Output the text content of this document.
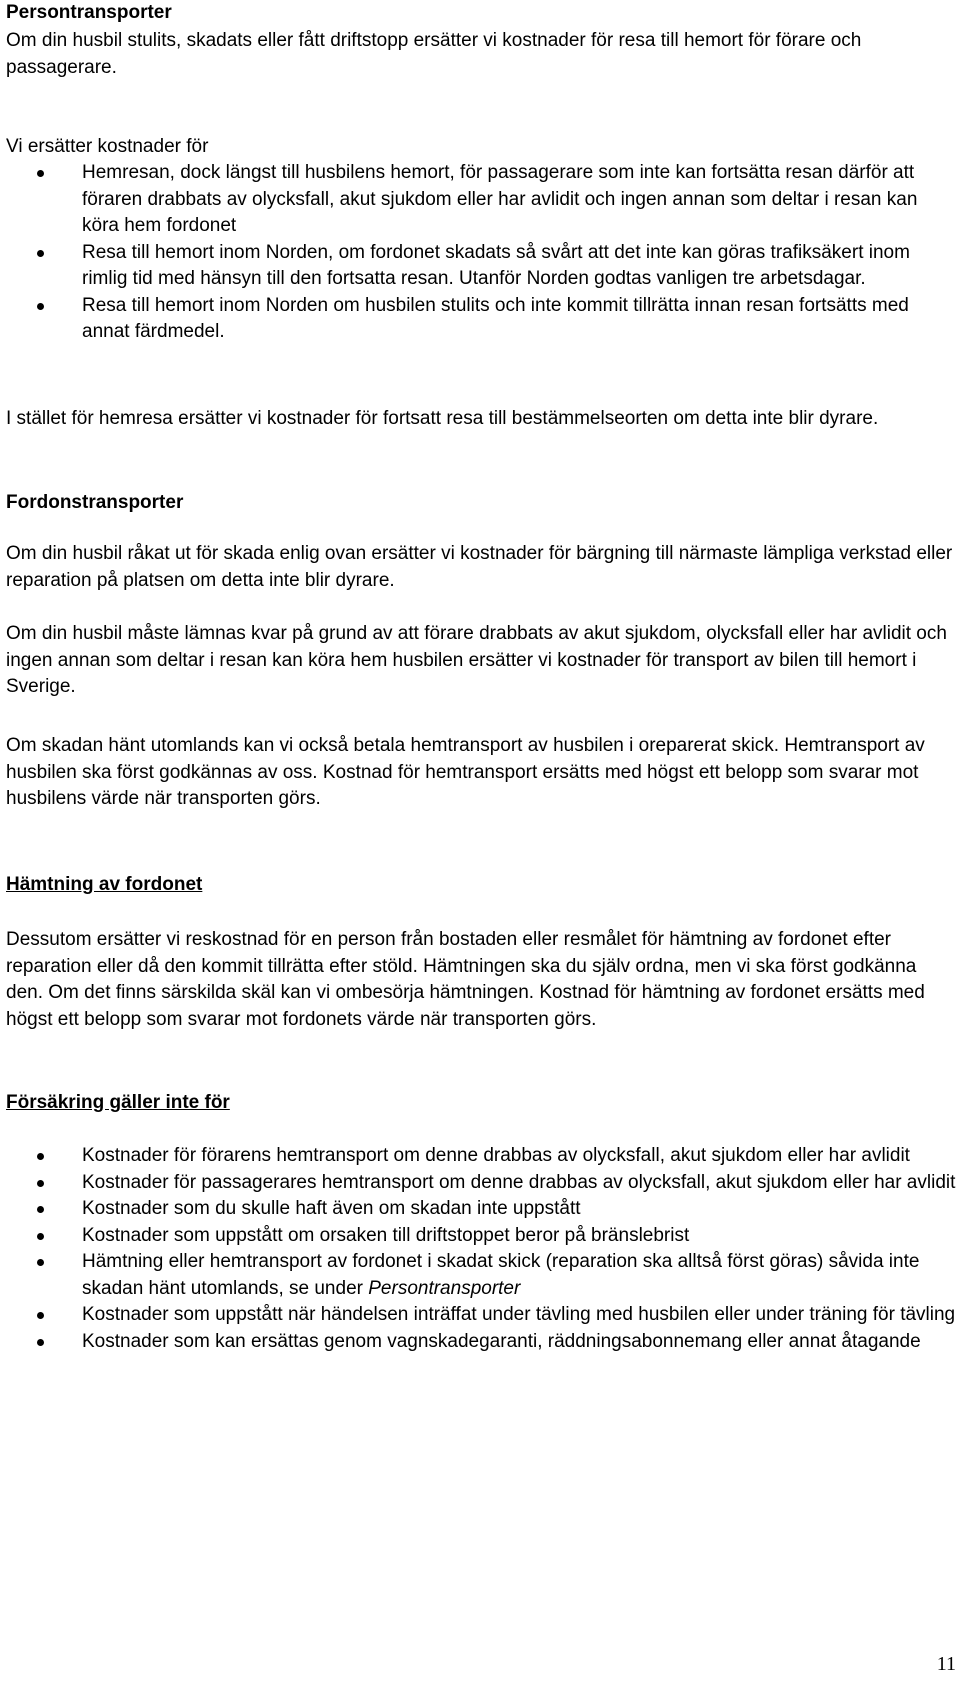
Persontransporter

Om din husbil stulits, skadats eller fått driftstopp ersätter vi kostnader för resa till hemort för förare och passagerare.

Vi ersätter kostnader för

Hemresan, dock längst till husbilens hemort, för passagerare som inte kan fortsätta resan därför att föraren drabbats av olycksfall, akut sjukdom eller har avlidit och ingen annan som deltar i resan kan köra hem fordonet
Resa till hemort inom Norden, om fordonet skadats så svårt att det inte kan göras trafiksäkert inom rimlig tid med hänsyn till den fortsatta resan. Utanför Norden godtas vanligen tre arbetsdagar.
Resa till hemort inom Norden om husbilen stulits och inte kommit tillrätta innan resan fortsätts med annat färdmedel.

I stället för hemresa ersätter vi kostnader för fortsatt resa till bestämmelseorten om detta inte blir dyrare.

Fordonstransporter

Om din husbil råkat ut för skada enlig ovan ersätter vi kostnader för bärgning till närmaste lämpliga verkstad eller reparation på platsen om detta inte blir dyrare.

Om din husbil måste lämnas kvar på grund av att förare drabbats av akut sjukdom, olycksfall eller har avlidit och ingen annan som deltar i resan kan köra hem husbilen ersätter vi kostnader för transport av bilen till hemort i Sverige.

Om skadan hänt utomlands kan vi också betala hemtransport av husbilen i oreparerat skick. Hemtransport av husbilen ska först godkännas av oss. Kostnad för hemtransport ersätts med högst ett belopp som svarar mot husbilens värde när transporten görs.

Hämtning av fordonet

Dessutom ersätter vi reskostnad för en person från bostaden eller resmålet för hämtning av fordonet efter reparation eller då den kommit tillrätta efter stöld. Hämtningen ska du själv ordna, men vi ska först godkänna den. Om det finns särskilda skäl kan vi ombesörja hämtningen. Kostnad för hämtning av fordonet ersätts med högst ett belopp som svarar mot fordonets värde när transporten görs.

Försäkring gäller inte för
Kostnader för förarens hemtransport om denne drabbas av olycksfall, akut sjukdom eller har avlidit
Kostnader för passagerares hemtransport om denne drabbas av olycksfall, akut sjukdom eller har avlidit
Kostnader som du skulle haft även om skadan inte uppstått
Kostnader som uppstått om orsaken till driftstoppet beror på bränslebrist
Hämtning eller hemtransport av fordonet i skadat skick (reparation ska alltså först göras) såvida inte skadan hänt utomlands, se under Persontransporter
Kostnader som uppstått när händelsen inträffat under tävling med husbilen eller under träning för tävling
Kostnader som kan ersättas genom vagnskadegaranti, räddningsabonnemang eller annat åtagande
11
